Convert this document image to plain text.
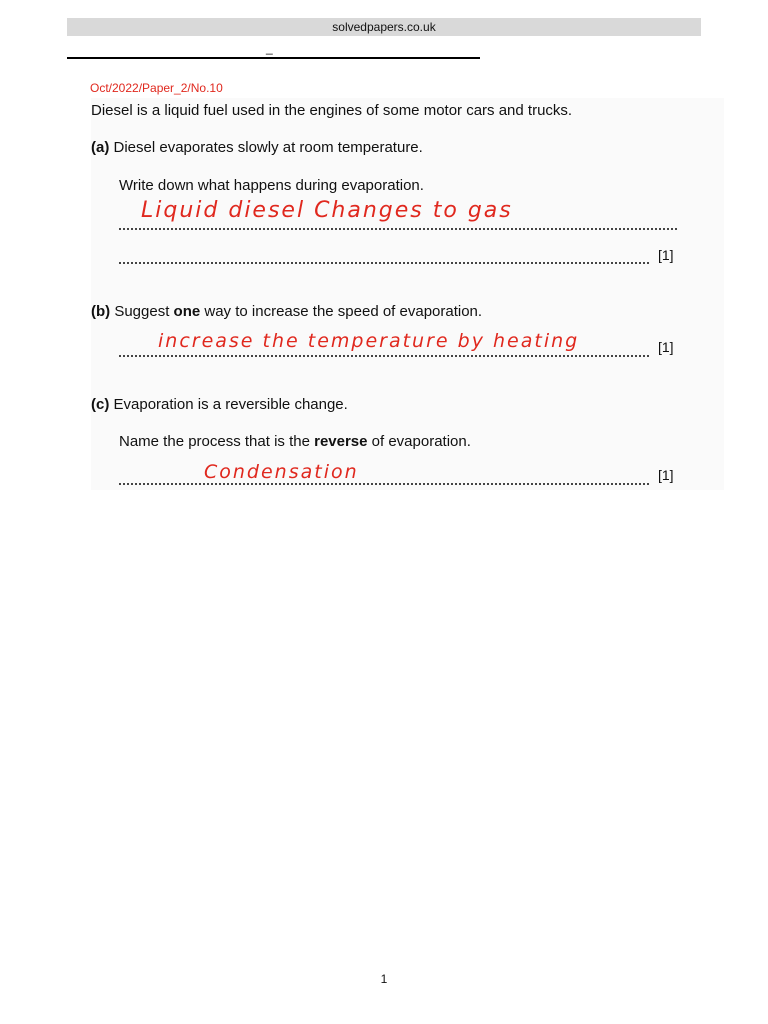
solvedpapers.co.uk
_
Oct/2022/Paper_2/No.10
Diesel is a liquid fuel used in the engines of some motor cars and trucks.
(a) Diesel evaporates slowly at room temperature.
Write down what happens during evaporation.
Liquid diesel Changes to gas
[1]
(b) Suggest one way to increase the speed of evaporation.
increase the temperature by heating	[1]
(c) Evaporation is a reversible change.
Name the process that is the reverse of evaporation.
Condensation	[1]
1
